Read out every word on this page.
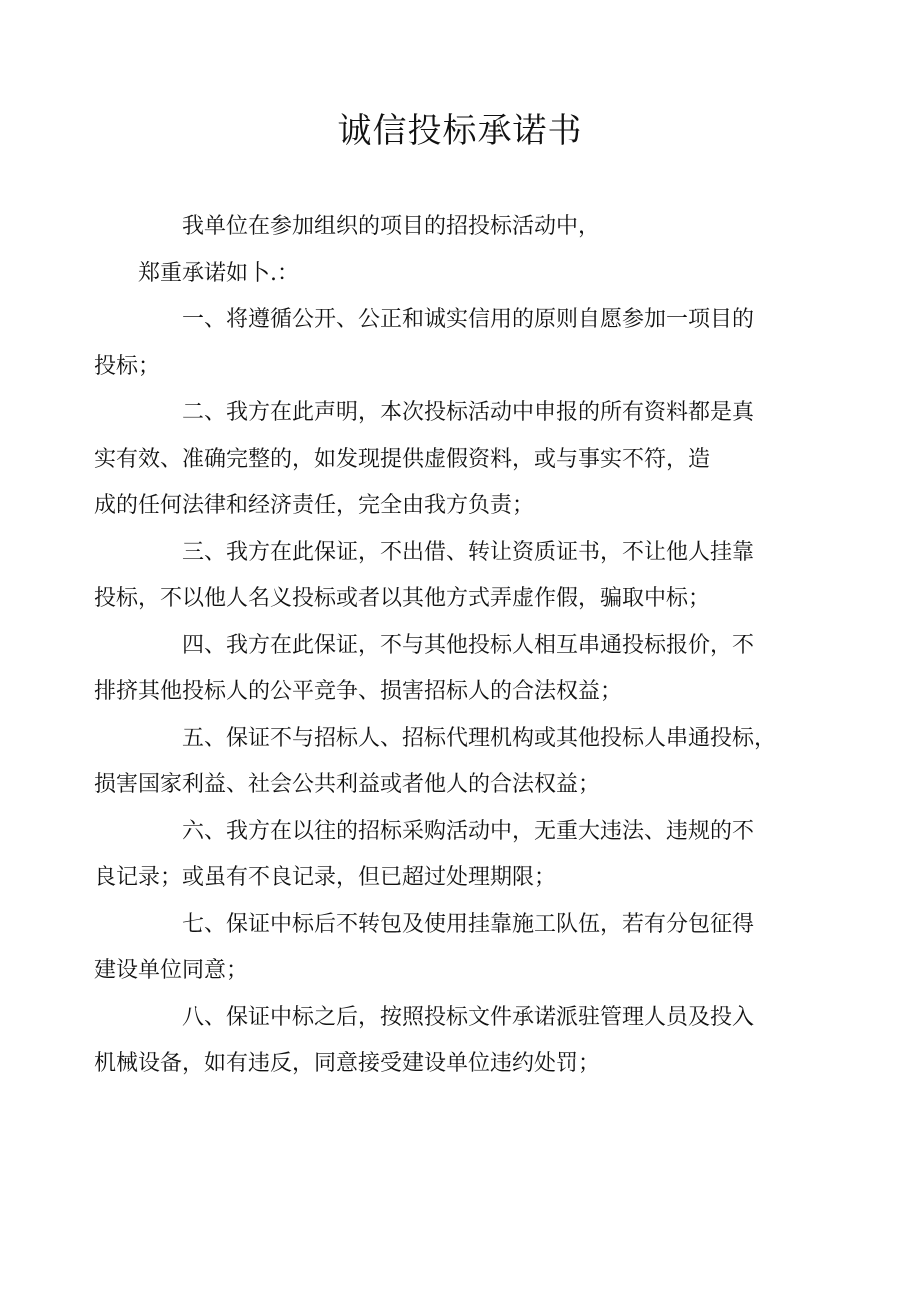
诚信投标承诺书

我单位在参加组织的项目的招投标活动中，

郑重承诺如卜.：

一、将遵循公开、公正和诚实信用的原则自愿参加一项目的
投标；

二、我方在此声明，本次投标活动中申报的所有资料都是真
实有效、准确完整的，如发现提供虚假资料，或与事实不符，造
成的任何法律和经济责任，完全由我方负责；

三、我方在此保证，不出借、转让资质证书，不让他人挂靠
投标，不以他人名义投标或者以其他方式弄虚作假，骗取中标；

四、我方在此保证，不与其他投标人相互串通投标报价，不
排挤其他投标人的公平竞争、损害招标人的合法权益；

五、保证不与招标人、招标代理机构或其他投标人串通投标，
损害国家利益、社会公共利益或者他人的合法权益；

六、我方在以往的招标采购活动中，无重大违法、违规的不
良记录；或虽有不良记录，但已超过处理期限；

七、保证中标后不转包及使用挂靠施工队伍，若有分包征得
建设单位同意；

八、保证中标之后，按照投标文件承诺派驻管理人员及投入
机械设备，如有违反，同意接受建设单位违约处罚；
